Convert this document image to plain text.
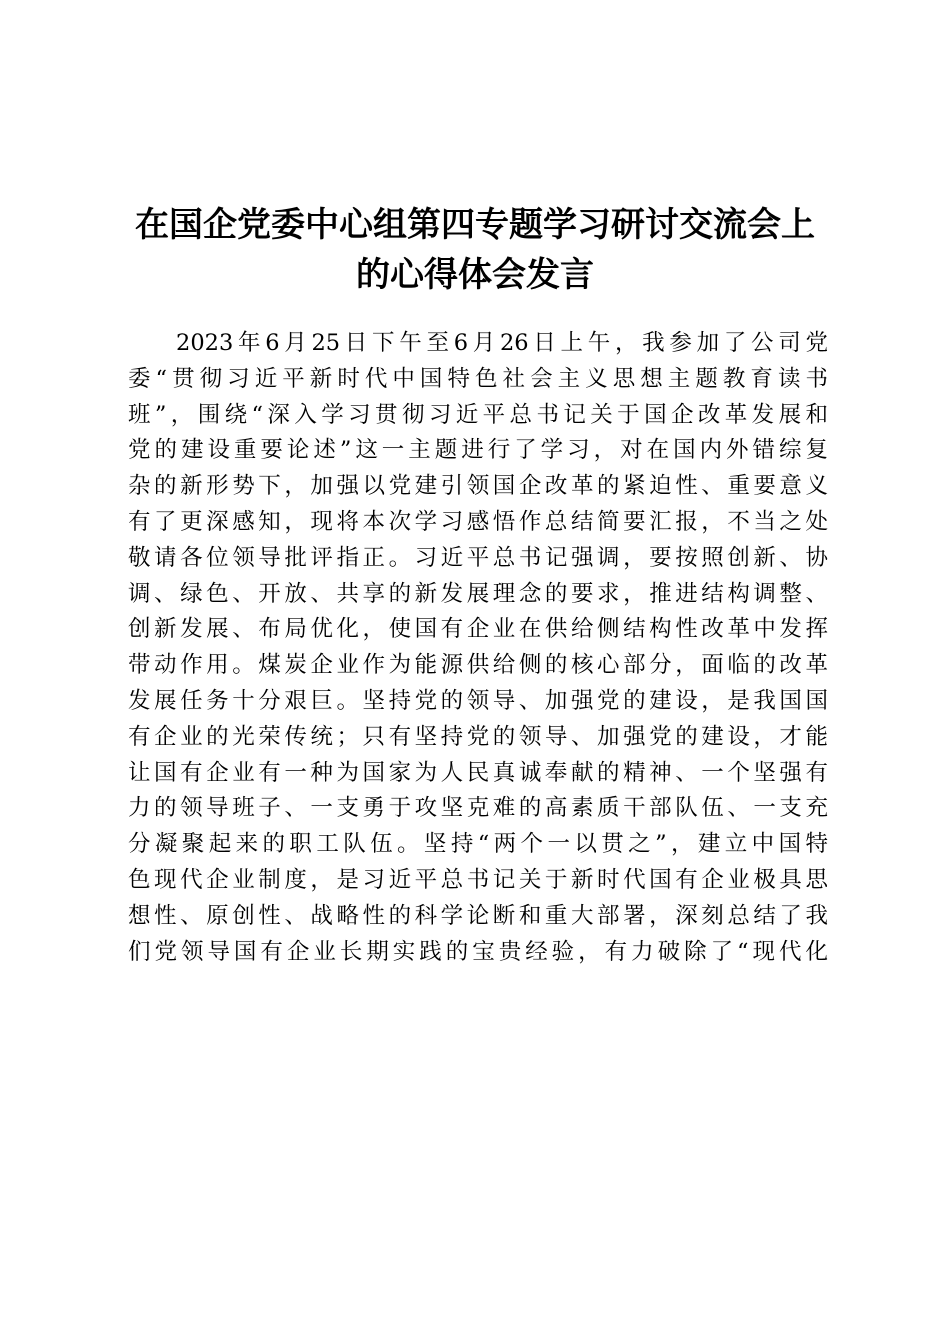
在国企党委中心组第四专题学习研讨交流会上
的心得体会发言
2023年6月25日下午至6月26日上午，我参加了公司党
委“贯彻习近平新时代中国特色社会主义思想主题教育读书
班”，围绕“深入学习贯彻习近平总书记关于国企改革发展和
党的建设重要论述”这一主题进行了学习，对在国内外错综复
杂的新形势下，加强以党建引领国企改革的紧迫性、重要意义
有了更深感知，现将本次学习感悟作总结简要汇报，不当之处
敬请各位领导批评指正。习近平总书记强调，要按照创新、协
调、绿色、开放、共享的新发展理念的要求，推进结构调整、
创新发展、布局优化，使国有企业在供给侧结构性改革中发挥
带动作用。煤炭企业作为能源供给侧的核心部分，面临的改革
发展任务十分艰巨。坚持党的领导、加强党的建设，是我国国
有企业的光荣传统；只有坚持党的领导、加强党的建设，才能
让国有企业有一种为国家为人民真诚奉献的精神、一个坚强有
力的领导班子、一支勇于攻坚克难的高素质干部队伍、一支充
分凝聚起来的职工队伍。坚持“两个一以贯之”，建立中国特
色现代企业制度，是习近平总书记关于新时代国有企业极具思
想性、原创性、战略性的科学论断和重大部署，深刻总结了我
们党领导国有企业长期实践的宝贵经验，有力破除了“现代化
